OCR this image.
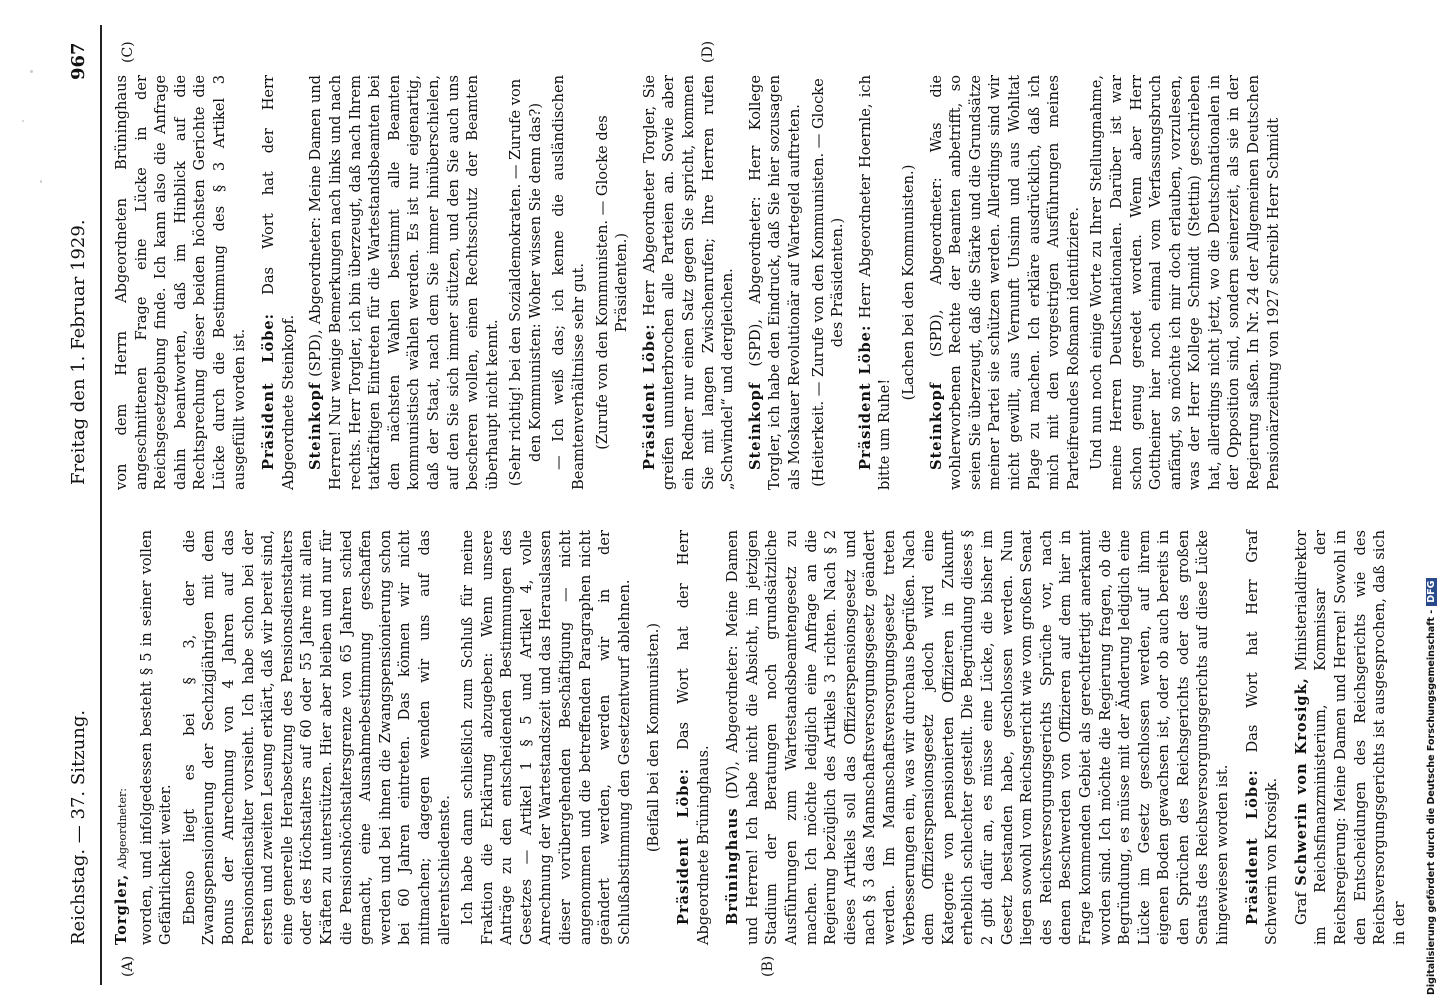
Reichstag. — 37. Sitzung.
Freitag den 1. Februar 1929.
967
(A)	(B)
(C)	(D)

Torgler, Abgeordneter: worden, und infolgedessen besteht § 5 in seiner vollen Gefährlichkeit weiter. Ebenso liegt es bei § 3, der die Zwangspensionierung der Sechzigjährigen mit dem Bonus der Anrechnung von 4 Jahren auf das Pensionsdienstalter vorsieht. Ich habe schon bei der ersten und zweiten Lesung erklärt, daß wir bereit sind, eine generelle Herabsetzung des Pensionsdienstalters oder des Höchstalters auf 60 oder 55 Jahre mit allen Kräften zu unterstützen. Hier aber bleiben und nur für die Pensionshöchstaltersgrenze von 65 Jahren schied gemacht, eine Ausnahmebestimmung geschaffen werden und bei ihnen die Zwangspensionierung schon bei 60 Jahren eintreten. Das können wir nicht mitmachen; dagegen wenden wir uns auf das allerentschiedenste. Ich habe dann schließlich zum Schluß für meine Fraktion die Erklärung abzugeben: Wenn unsere Anträge zu den entscheidenden Bestimmungen des Gesetzes — Artikel 1 § 5 und Artikel 4, volle Anrechnung der Wartestandszeit und das Herauslassen dieser vorübergehenden Beschäftigung — nicht angenommen und die betreffenden Paragraphen nicht geändert werden, werden wir in der Schlußabstimmung den Gesetzentwurf ablehnen. (Beifall bei den Kommunisten.) Präsident Löbe: Das Wort hat der Herr Abgeordnete Brüninghaus. Brüninghaus (DV), Abgeordneter: Meine Damen und Herren! Ich habe nicht die Absicht, im jetzigen Stadium der Beratungen noch grundsätzliche Ausführungen zum Wartestandsbeamtengesetz zu machen. Ich möchte lediglich eine Anfrage an die Regierung bezüglich des Artikels 3 richten. Nach § 2 dieses Artikels soll das Offizierspensionsgesetz und nach § 3 das Mannschaftsversorgungsgesetz geändert werden. Im Mannschaftsversorgungsgesetz treten Verbesserungen ein, was wir durchaus begrüßen. Nach dem Offizierspensionsgesetz jedoch wird eine Kategorie von pensionierten Offizieren in Zukunft erheblich schlechter gestellt. Die Begründung dieses § 2 gibt dafür an, es müsse eine Lücke, die bisher im Gesetz bestanden habe, geschlossen werden. Nun liegen sowohl vom Reichsgericht wie vom großen Senat des Reichsversorgungsgerichts Sprüche vor, nach denen Beschwerden von Offizieren auf dem hier in Frage kommenden Gebiet als gerechtfertigt anerkannt worden sind. Ich möchte die Regierung fragen, ob die Begründung, es müsse mit der Änderung lediglich eine Lücke im Gesetz geschlossen werden, auf ihrem eigenen Boden gewachsen ist, oder ob auch bereits in den Sprüchen des Reichsgerichts oder des großen Senats des Reichsversorgungsgerichts auf diese Lücke hingewiesen worden ist. Präsident Löbe: Das Wort hat Herr Graf Schwerin von Krosigk. Graf Schwerin von Krosigk, Ministerialdirektor im Reichsfinanzministerium, Kommissar der Reichsregierung: Meine Damen und Herren! Sowohl in den Entscheidungen des Reichsgerichts wie des Reichsversorgungsgerichts ist ausgesprochen, daß sich in der

von dem Herrn Abgeordneten Brüninghaus angeschnittenen Frage eine Lücke in der Reichsgesetzgebung finde. Ich kann also die Anfrage dahin beantworten, daß im Hinblick auf die Rechtsprechung dieser beiden höchsten Gerichte die Lücke durch die Bestimmung des § 3 Artikel 3 ausgefüllt worden ist. Präsident Löbe: Das Wort hat der Herr Abgeordnete Steinkopf. Steinkopf (SPD), Abgeordneter: Meine Damen und Herren! Nur wenige Bemerkungen nach links und nach rechts. Herr Torgler, ich bin überzeugt, daß nach Ihrem tatkräftigen Eintreten für die Wartestandsbeamten bei den nächsten Wahlen bestimmt alle Beamten kommunistisch wählen werden. Es ist nur eigenartig, daß der Staat, nach dem Sie immer hinüberschielen, auf den Sie sich immer stützen, und den Sie auch uns bescheren wollen, einen Rechtsschutz der Beamten überhaupt nicht kennt. (Sehr richtig! bei den Sozialdemokraten. — Zurufe von den Kommunisten: Woher wissen Sie denn das?) — Ich weiß das; ich kenne die ausländischen Beamtenverhältnisse sehr gut. (Zurufe von den Kommunisten. — Glocke des Präsidenten.)

Präsident Löbe: Herr Abgeordneter Torgler, Sie greifen ununterbrochen alle Parteien an. Sowie aber ein Redner nur einen Satz gegen Sie spricht, kommen Sie mit langen Zwischenrufen; Ihre Herren rufen „Schwindel“ und dergleichen. Steinkopf (SPD), Abgeordneter: Herr Kollege Torgler, ich habe den Eindruck, daß Sie hier sozusagen als Moskauer Revolutionär auf Wartegeld auftreten. (Heiterkeit. — Zurufe von den Kommunisten. — Glocke des Präsidenten.)

Präsident Löbe: Herr Abgeordneter Hoernle, ich bitte um Ruhe!

(Lachen bei den Kommunisten.)

Steinkopf (SPD), Abgeordneter: Was die wohlerworbenen Rechte der Beamten anbetrifft, so seien Sie überzeugt, daß die Stärke und die Grundsätze meiner Partei sie schützen werden. Allerdings sind wir nicht gewillt, aus Vernunft Unsinn und aus Wohltat Plage zu machen. Ich erkläre ausdrücklich, daß ich mich mit den vorgestrigen Ausführungen meines Parteifreundes Roßmann identifiziere. Und nun noch einige Worte zu Ihrer Stellungnahme, meine Herren Deutschnationalen. Darüber ist war schon genug geredet worden. Wenn aber Herr Gottheiner hier noch einmal vom Verfassungsbruch anfängt, so möchte ich mir doch erlauben, vorzulesen, was der Herr Kollege Schmidt (Stettin) geschrieben hat, allerdings nicht jetzt, wo die Deutschnationalen in der Opposition sind, sondern seinerzeit, als sie in der Regierung saßen. In Nr. 24 der Allgemeinen Deutschen Pensionärzeitung von 1927 schreibt Herr Schmidt

Digitalisierung gefördert durch die Deutsche Forschungsgemeinschaft -DFG
